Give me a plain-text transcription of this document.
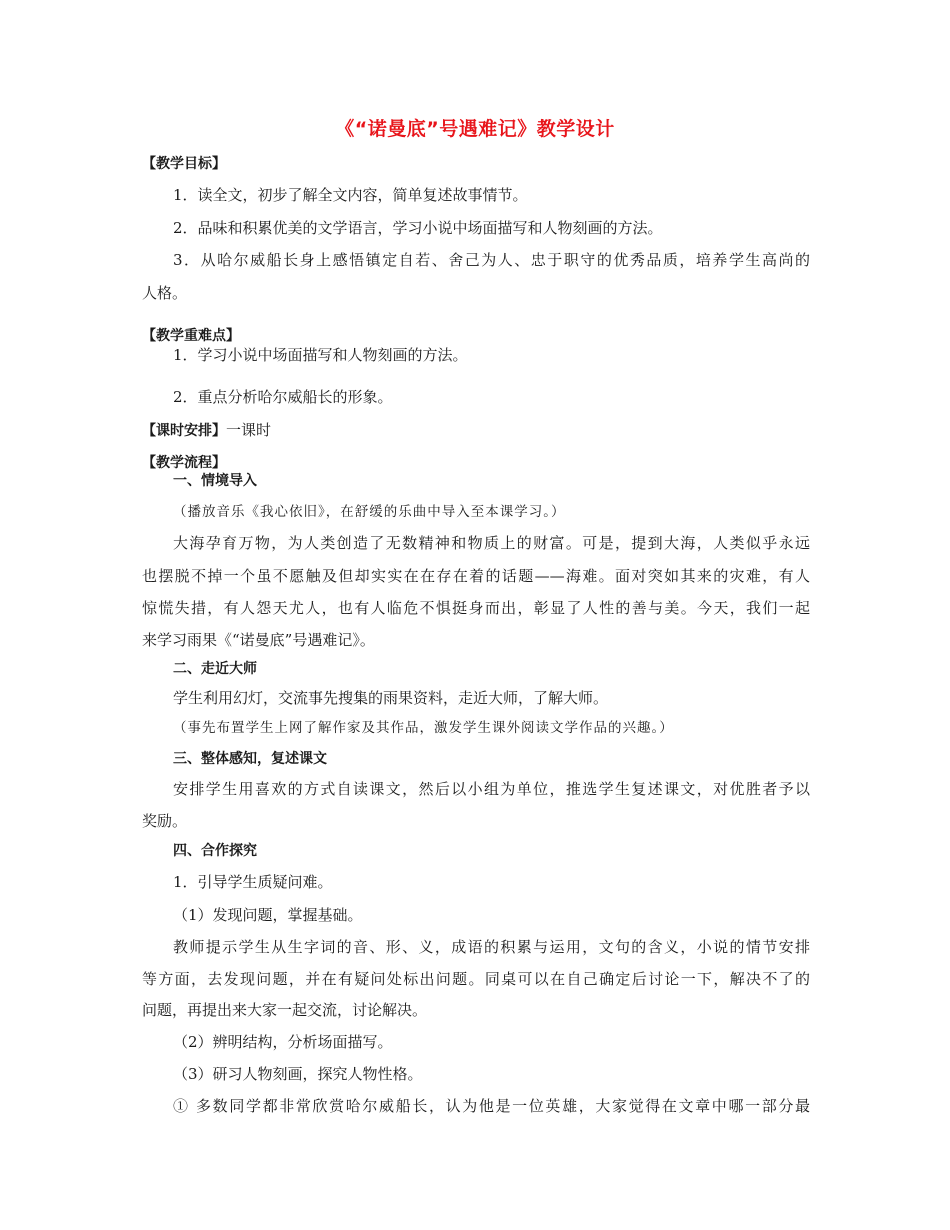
《“诺曼底”号遇难记》教学设计
【教学目标】
1．读全文，初步了解全文内容，简单复述故事情节。
2．品味和积累优美的文学语言，学习小说中场面描写和人物刻画的方法。
3．从哈尔威船长身上感悟镇定自若、舍己为人、忠于职守的优秀品质，培养学生高尚的
人格。
【教学重难点】
1．学习小说中场面描写和人物刻画的方法。
2．重点分析哈尔威船长的形象。
【课时安排】一课时
【教学流程】
一、情境导入
（播放音乐《我心依旧》，在舒缓的乐曲中导入至本课学习。）
大海孕育万物，为人类创造了无数精神和物质上的财富。可是，提到大海，人类似乎永远
也摆脱不掉一个虽不愿触及但却实实在在存在着的话题——海难。面对突如其来的灾难，有人
惊慌失措，有人怨天尤人，也有人临危不惧挺身而出，彰显了人性的善与美。今天，我们一起
来学习雨果《“诺曼底”号遇难记》。
二、走近大师
学生利用幻灯，交流事先搜集的雨果资料，走近大师，了解大师。
（事先布置学生上网了解作家及其作品，激发学生课外阅读文学作品的兴趣。）
三、整体感知，复述课文
安排学生用喜欢的方式自读课文，然后以小组为单位，推选学生复述课文，对优胜者予以
奖励。
四、合作探究
1．引导学生质疑问难。
（1）发现问题，掌握基础。
教师提示学生从生字词的音、形、义，成语的积累与运用，文句的含义，小说的情节安排
等方面，去发现问题，并在有疑问处标出问题。同桌可以在自己确定后讨论一下，解决不了的
问题，再提出来大家一起交流，讨论解决。
（2）辨明结构，分析场面描写。
（3）研习人物刻画，探究人物性格。
① 多数同学都非常欣赏哈尔威船长，认为他是一位英雄，大家觉得在文章中哪一部分最
